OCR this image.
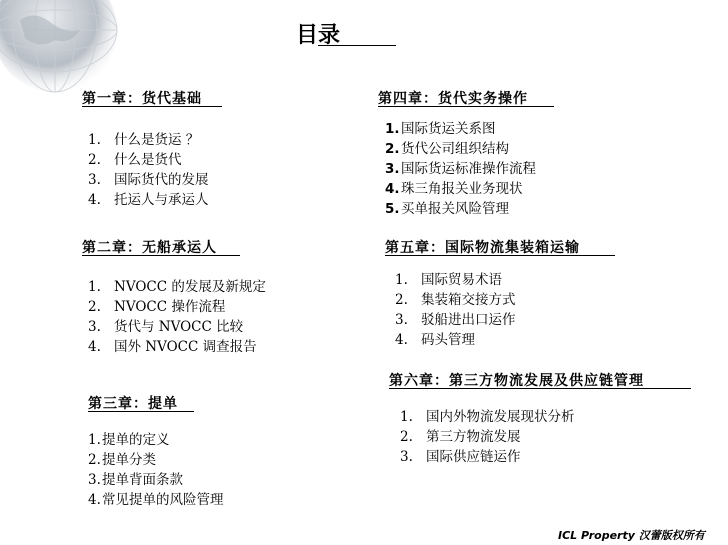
目录
第一章：货代基础
1. 什么是货运 ？
2. 什么是货代
3. 国际货代的发展
4. 托运人与承运人
第二章：无船承运人
1. NVOCC 的发展及新规定
2. NVOCC 操作流程
3. 货代与 NVOCC 比较
4. 国外 NVOCC 调查报告
第三章：提单
1. 提单的定义
2. 提单分类
3. 提单背面条款
4. 常见提单的风险管理
第四章：货代实务操作
1. 国际货运关系图
2. 货代公司组织结构
3. 国际货运标准操作流程
4. 珠三角报关业务现状
5. 买单报关风险管理
第五章：国际物流集装箱运输
1. 国际贸易术语
2. 集装箱交接方式
3. 驳船进出口运作
4. 码头管理
第六章：第三方物流发展及供应链管理
1. 国内外物流发展现状分析
2. 第三方物流发展
3. 国际供应链运作
ICL Property 汉蕾版权所有
